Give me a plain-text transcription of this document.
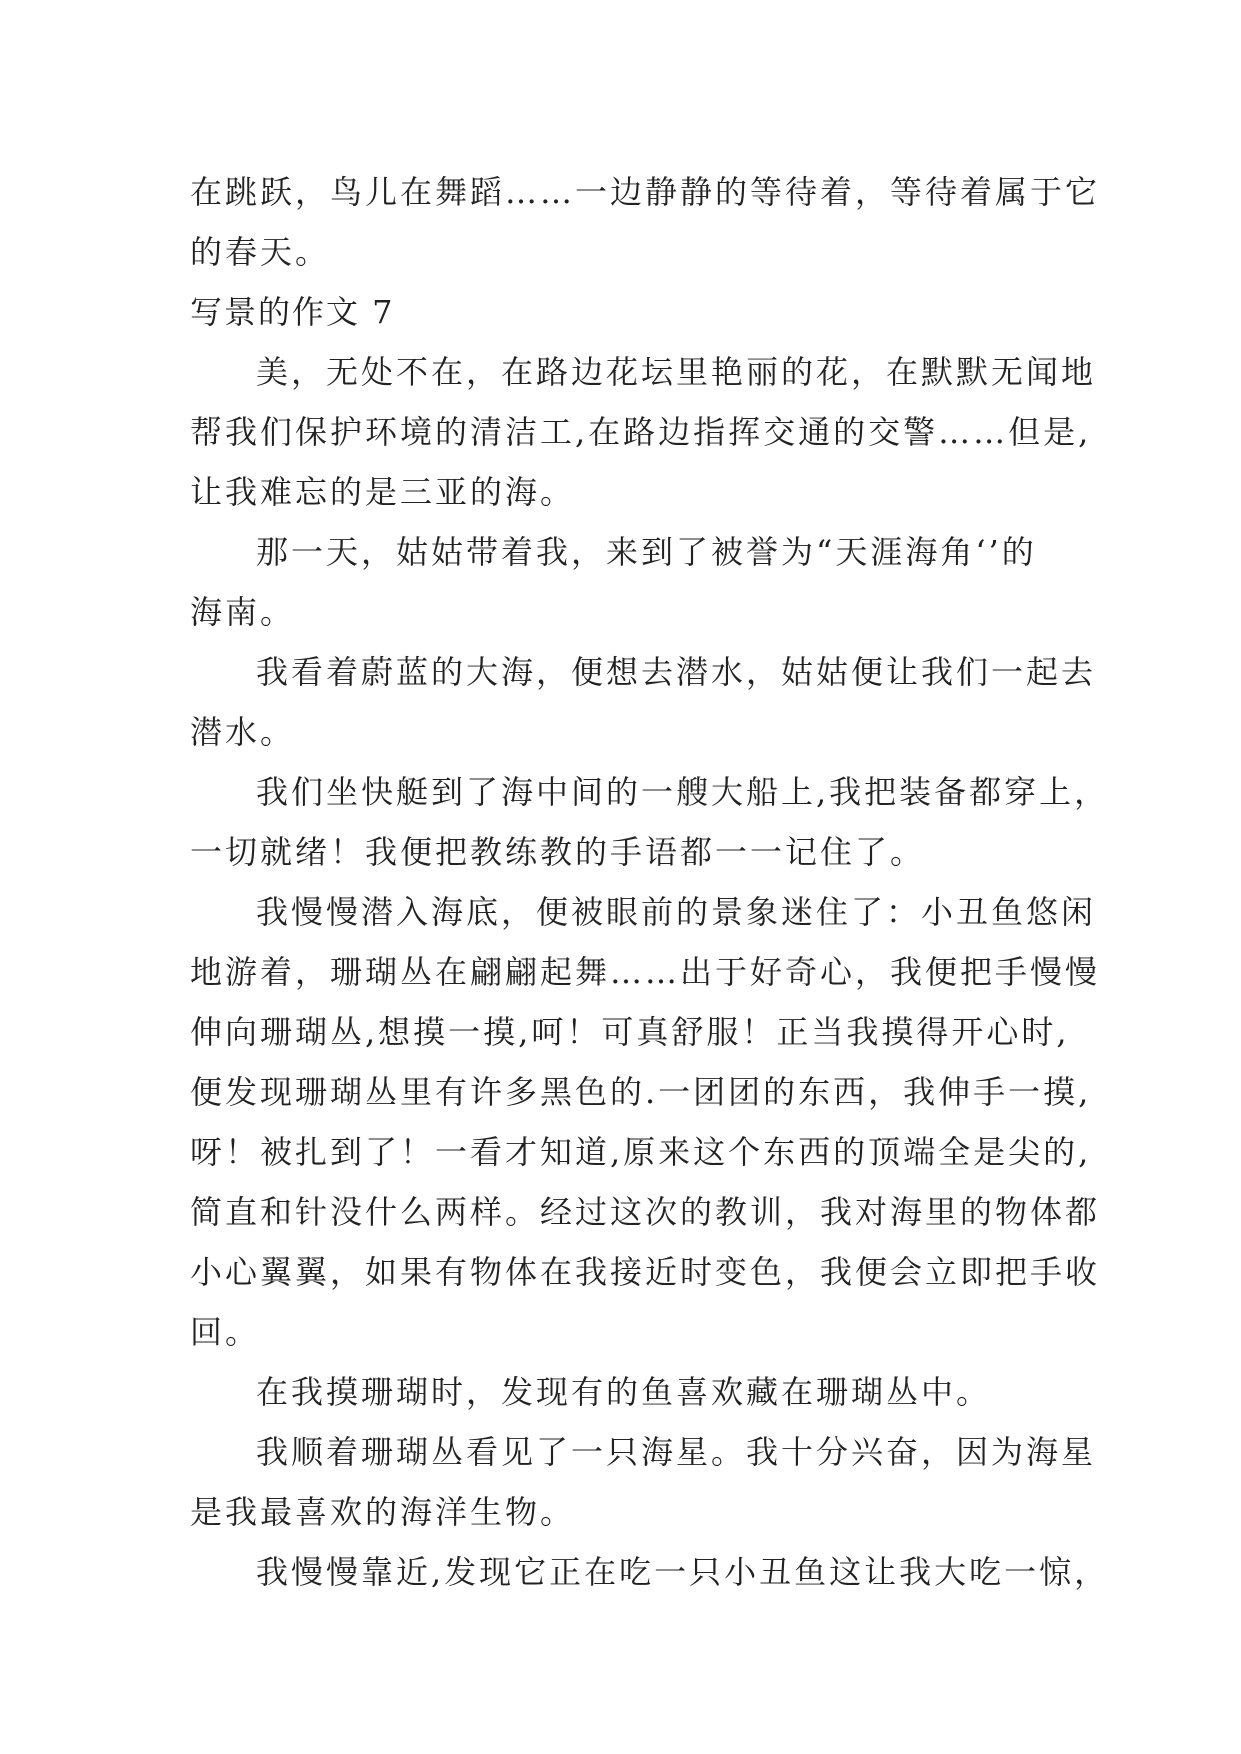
在跳跃，鸟儿在舞蹈……一边静静的等待着，等待着属于它
的春天。
写景的作文 7
美，无处不在，在路边花坛里艳丽的花，在默默无闻地
帮我们保护环境的清洁工,在路边指挥交通的交警……但是,
让我难忘的是三亚的海。
那一天，姑姑带着我，来到了被誉为“天涯海角‘’的
海南。
我看着蔚蓝的大海，便想去潜水，姑姑便让我们一起去
潜水。
我们坐快艇到了海中间的一艘大船上,我把装备都穿上，
一切就绪！我便把教练教的手语都一一记住了。
我慢慢潜入海底，便被眼前的景象迷住了：小丑鱼悠闲
地游着，珊瑚丛在翩翩起舞……出于好奇心，我便把手慢慢
伸向珊瑚丛,想摸一摸,呵！可真舒服！正当我摸得开心时,
便发现珊瑚丛里有许多黑色的.一团团的东西，我伸手一摸,
呀！被扎到了！一看才知道,原来这个东西的顶端全是尖的,
简直和针没什么两样。经过这次的教训，我对海里的物体都
小心翼翼，如果有物体在我接近时变色，我便会立即把手收
回。
在我摸珊瑚时，发现有的鱼喜欢藏在珊瑚丛中。
我顺着珊瑚丛看见了一只海星。我十分兴奋，因为海星
是我最喜欢的海洋生物。
我慢慢靠近,发现它正在吃一只小丑鱼这让我大吃一惊，
